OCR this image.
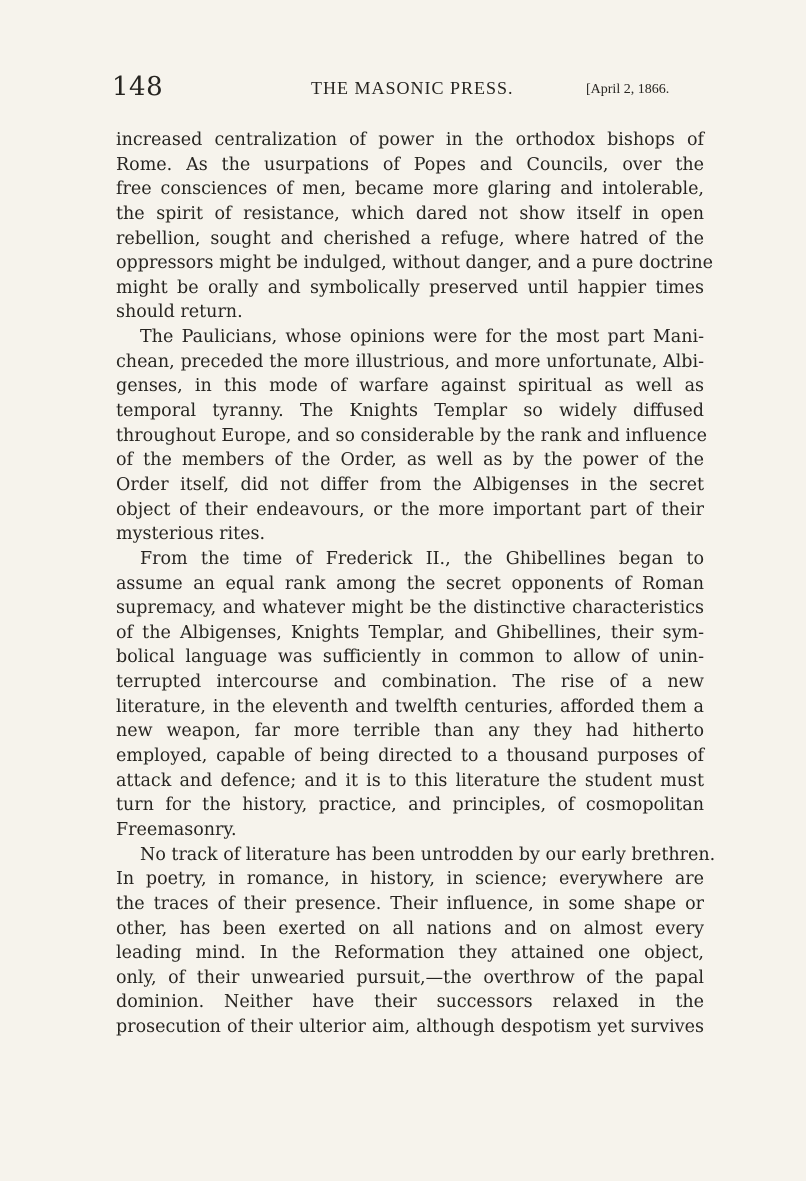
148	THE MASONIC PRESS.	[April 2, 1866.
increased centralization of power in the orthodox bishops of
Rome. As the usurpations of Popes and Councils, over the
free consciences of men, became more glaring and intolerable,
the spirit of resistance, which dared not show itself in open
rebellion, sought and cherished a refuge, where hatred of the
oppressors might be indulged, without danger, and a pure doctrine
might be orally and symbolically preserved until happier times
should return.
The Paulicians, whose opinions were for the most part Mani-
chean, preceded the more illustrious, and more unfortunate, Albi-
genses, in this mode of warfare against spiritual as well as
temporal tyranny. The Knights Templar so widely diffused
throughout Europe, and so considerable by the rank and influence
of the members of the Order, as well as by the power of the
Order itself, did not differ from the Albigenses in the secret
object of their endeavours, or the more important part of their
mysterious rites.
From the time of Frederick II., the Ghibellines began to
assume an equal rank among the secret opponents of Roman
supremacy, and whatever might be the distinctive characteristics
of the Albigenses, Knights Templar, and Ghibellines, their sym-
bolical language was sufficiently in common to allow of unin-
terrupted intercourse and combination. The rise of a new
literature, in the eleventh and twelfth centuries, afforded them a
new weapon, far more terrible than any they had hitherto
employed, capable of being directed to a thousand purposes of
attack and defence; and it is to this literature the student must
turn for the history, practice, and principles, of cosmopolitan
Freemasonry.
No track of literature has been untrodden by our early brethren.
In poetry, in romance, in history, in science; everywhere are
the traces of their presence. Their influence, in some shape or
other, has been exerted on all nations and on almost every
leading mind. In the Reformation they attained one object,
only, of their unwearied pursuit,—the overthrow of the papal
dominion. Neither have their successors relaxed in the
prosecution of their ulterior aim, although despotism yet survives
